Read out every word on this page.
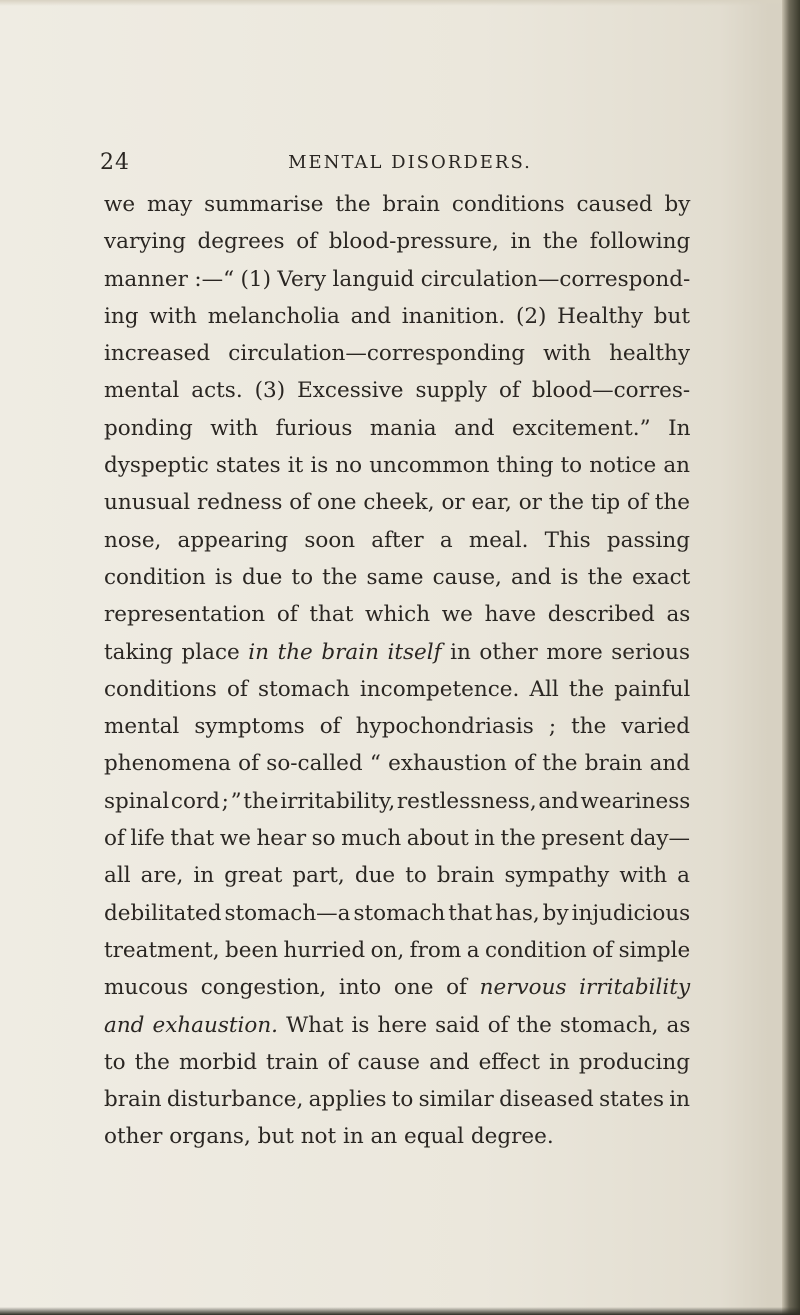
24	MENTAL DISORDERS.
we may summarise the brain conditions caused by
varying degrees of blood-pressure, in the following
manner :—“ (1) Very languid circulation—correspond-
ing with melancholia and inanition. (2) Healthy but
increased circulation—corresponding with healthy
mental acts. (3) Excessive supply of blood—corres-
ponding with furious mania and excitement.” In
dyspeptic states it is no uncommon thing to notice an
unusual redness of one cheek, or ear, or the tip of the
nose, appearing soon after a meal. This passing
condition is due to the same cause, and is the exact
representation of that which we have described as
taking place in the brain itself in other more serious
conditions of stomach incompetence. All the painful
mental symptoms of hypochondriasis ; the varied
phenomena of so-called “ exhaustion of the brain and
spinal cord ; ” the irritability, restlessness, and weariness
of life that we hear so much about in the present day—
all are, in great part, due to brain sympathy with a
debilitated stomach—a stomach that has, by injudicious
treatment, been hurried on, from a condition of simple
mucous congestion, into one of nervous irritability
and exhaustion. What is here said of the stomach, as
to the morbid train of cause and effect in producing
brain disturbance, applies to similar diseased states in
other organs, but not in an equal degree.
